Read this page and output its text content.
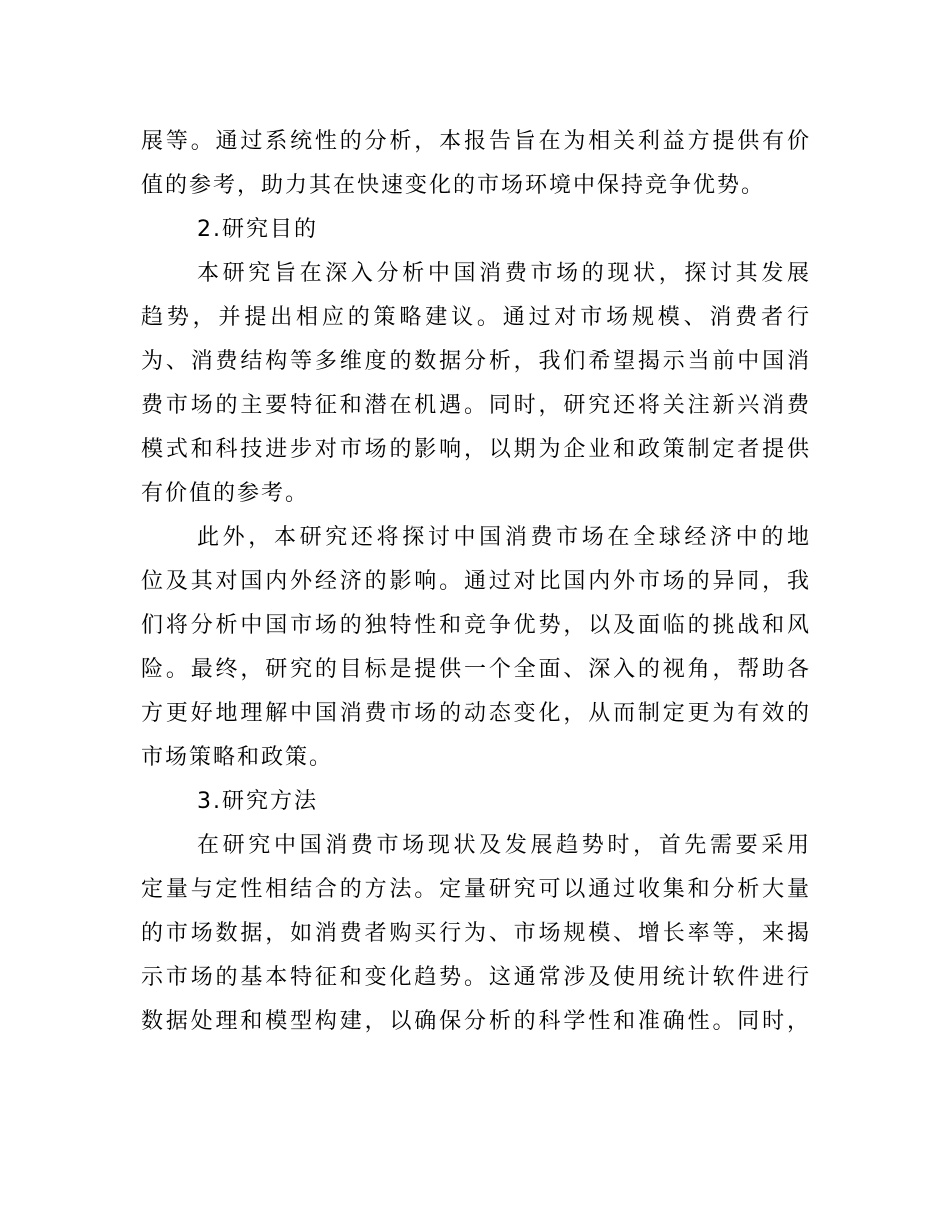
展等。通过系统性的分析，本报告旨在为相关利益方提供有价
值的参考，助力其在快速变化的市场环境中保持竞争优势。
2.研究目的
本研究旨在深入分析中国消费市场的现状，探讨其发展
趋势，并提出相应的策略建议。通过对市场规模、消费者行
为、消费结构等多维度的数据分析，我们希望揭示当前中国消
费市场的主要特征和潜在机遇。同时，研究还将关注新兴消费
模式和科技进步对市场的影响，以期为企业和政策制定者提供
有价值的参考。
此外，本研究还将探讨中国消费市场在全球经济中的地
位及其对国内外经济的影响。通过对比国内外市场的异同，我
们将分析中国市场的独特性和竞争优势，以及面临的挑战和风
险。最终，研究的目标是提供一个全面、深入的视角，帮助各
方更好地理解中国消费市场的动态变化，从而制定更为有效的
市场策略和政策。
3.研究方法
在研究中国消费市场现状及发展趋势时，首先需要采用
定量与定性相结合的方法。定量研究可以通过收集和分析大量
的市场数据，如消费者购买行为、市场规模、增长率等，来揭
示市场的基本特征和变化趋势。这通常涉及使用统计软件进行
数据处理和模型构建，以确保分析的科学性和准确性。同时，
